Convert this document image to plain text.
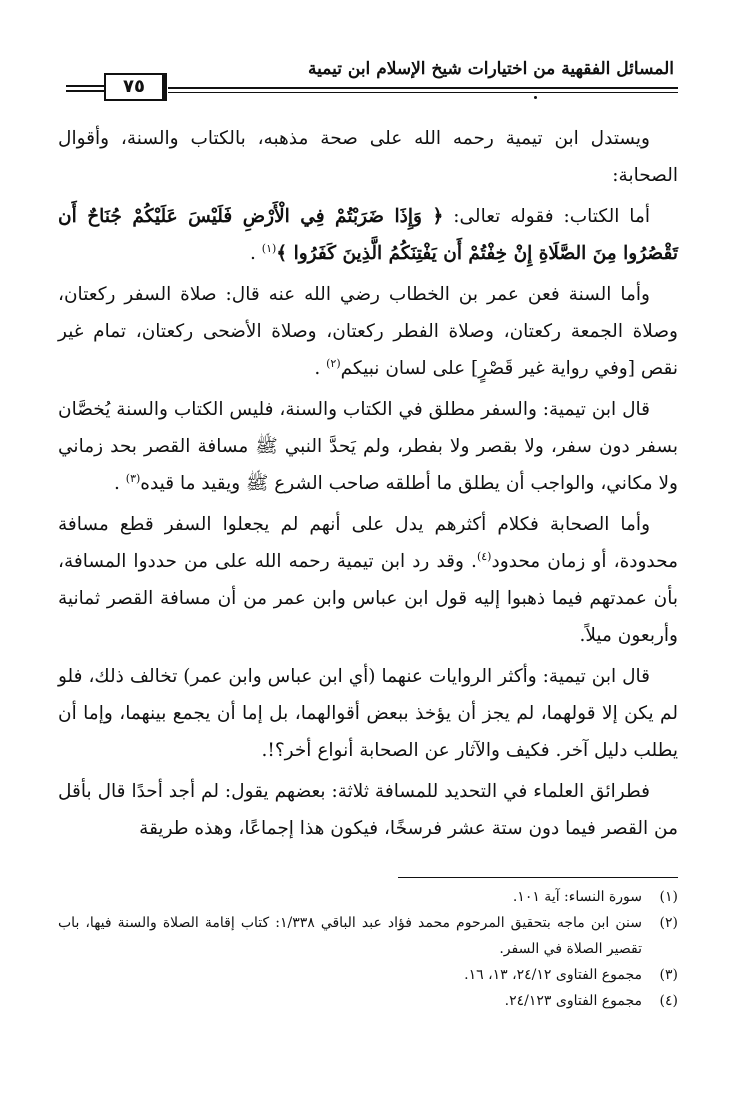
المسائل الفقهية من اختيارات شيخ الإسلام ابن تيمية
٧٥

ويستدل ابن تيمية رحمه الله على صحة مذهبه، بالكتاب والسنة، وأقوال الصحابة:

أما الكتاب: فقوله تعالى: ﴿ وَإِذَا ضَرَبْتُمْ فِي الْأَرْضِ فَلَيْسَ عَلَيْكُمْ جُنَاحٌ أَن تَقْصُرُوا مِنَ الصَّلَاةِ إِنْ خِفْتُمْ أَن يَفْتِنَكُمُ الَّذِينَ كَفَرُوا ﴾$^{(١)}$ .

وأما السنة فعن عمر بن الخطاب رضي الله عنه قال: صلاة السفر ركعتان، وصلاة الجمعة ركعتان، وصلاة الفطر ركعتان، وصلاة الأضحى ركعتان، تمام غير نقص [وفي رواية غير قَصْرٍ] على لسان نبيكم$^{(٢)}$ .

قال ابن تيمية: والسفر مطلق في الكتاب والسنة، فليس الكتاب والسنة يُخصَّان بسفر دون سفر، ولا بقصر ولا بفطر، ولم يَحدَّ النبي ﷺ مسافة القصر بحد زماني ولا مكاني، والواجب أن يطلق ما أطلقه صاحب الشرع ﷺ ويقيد ما قيده$^{(٣)}$ .

وأما الصحابة فكلام أكثرهم يدل على أنهم لم يجعلوا السفر قطع مسافة محدودة، أو زمان محدود$^{(٤)}$. وقد رد ابن تيمية رحمه الله على من حددوا المسافة، بأن عمدتهم فيما ذهبوا إليه قول ابن عباس وابن عمر من أن مسافة القصر ثمانية وأربعون ميلاً.

قال ابن تيمية: وأكثر الروايات عنهما (أي ابن عباس وابن عمر) تخالف ذلك، فلو لم يكن إلا قولهما، لم يجز أن يؤخذ ببعض أقوالهما، بل إما أن يجمع بينهما، وإما أن يطلب دليل آخر. فكيف والآثار عن الصحابة أنواع أخر؟!.

فطرائق العلماء في التحديد للمسافة ثلاثة: بعضهم يقول: لم أجد أحدًا قال بأقل من القصر فيما دون ستة عشر فرسخًا، فيكون هذا إجماعًا، وهذه طريقة

(١)
سورة النساء: آية ١٠١.
(٢)
سنن ابن ماجه بتحقيق المرحوم محمد فؤاد عبد الباقي ١/٣٣٨: كتاب إقامة الصلاة والسنة فيها، باب تقصير الصلاة في السفر.
(٣)
مجموع الفتاوى ٢٤/١٢، ١٣، ١٦.
(٤)
مجموع الفتاوى ٢٤/١٢٣.
